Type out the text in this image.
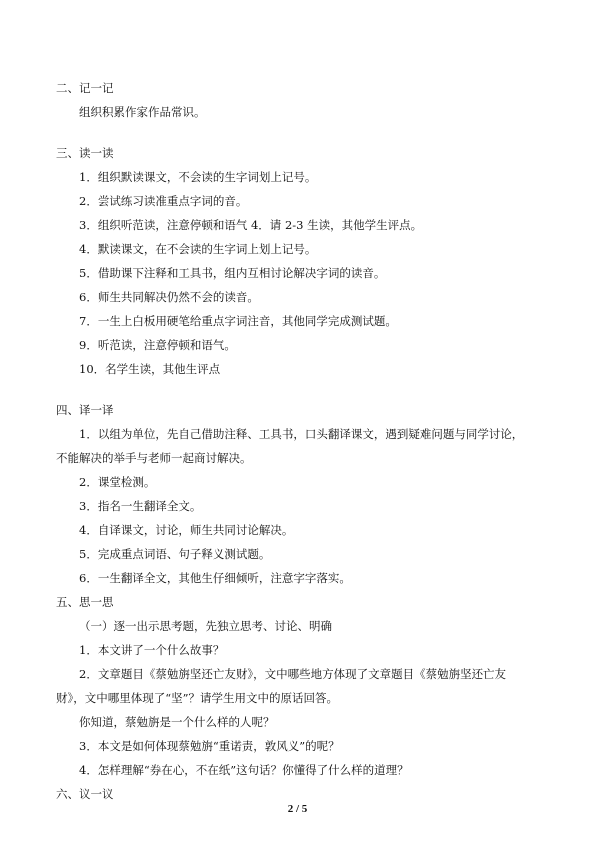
二、记一记
组织积累作家作品常识。
三、读一读
1．组织默读课文，不会读的生字词划上记号。
2．尝试练习读准重点字词的音。
3．组织听范读，注意停顿和语气 4．请 2-3 生读，其他学生评点。
4．默读课文，在不会读的生字词上划上记号。
5．借助课下注释和工具书，组内互相讨论解决字词的读音。
6．师生共同解决仍然不会的读音。
7．一生上白板用硬笔给重点字词注音，其他同学完成测试题。
9．听范读，注意停顿和语气。
10．名学生读，其他生评点
四、译一译
1．以组为单位，先自己借助注释、工具书，口头翻译课文，遇到疑难问题与同学讨论，
不能解决的举手与老师一起商讨解决。
2．课堂检测。
3．指名一生翻译全文。
4．自译课文，讨论，师生共同讨论解决。
5．完成重点词语、句子释义测试题。
6．一生翻译全文，其他生仔细倾听，注意字字落实。
五、思一思
（一）逐一出示思考题，先独立思考、讨论、明确
1．本文讲了一个什么故事？
2．文章题目《蔡勉旃坚还亡友财》，文中哪些地方体现了文章题目《蔡勉旃坚还亡友
财》，文中哪里体现了“坚”？请学生用文中的原话回答。
你知道，蔡勉旃是一个什么样的人呢？
3．本文是如何体现蔡勉旃“重诺责，敦风义”的呢？
4．怎样理解“券在心，不在纸”这句话？你懂得了什么样的道理？
六、议一议
2 / 5
